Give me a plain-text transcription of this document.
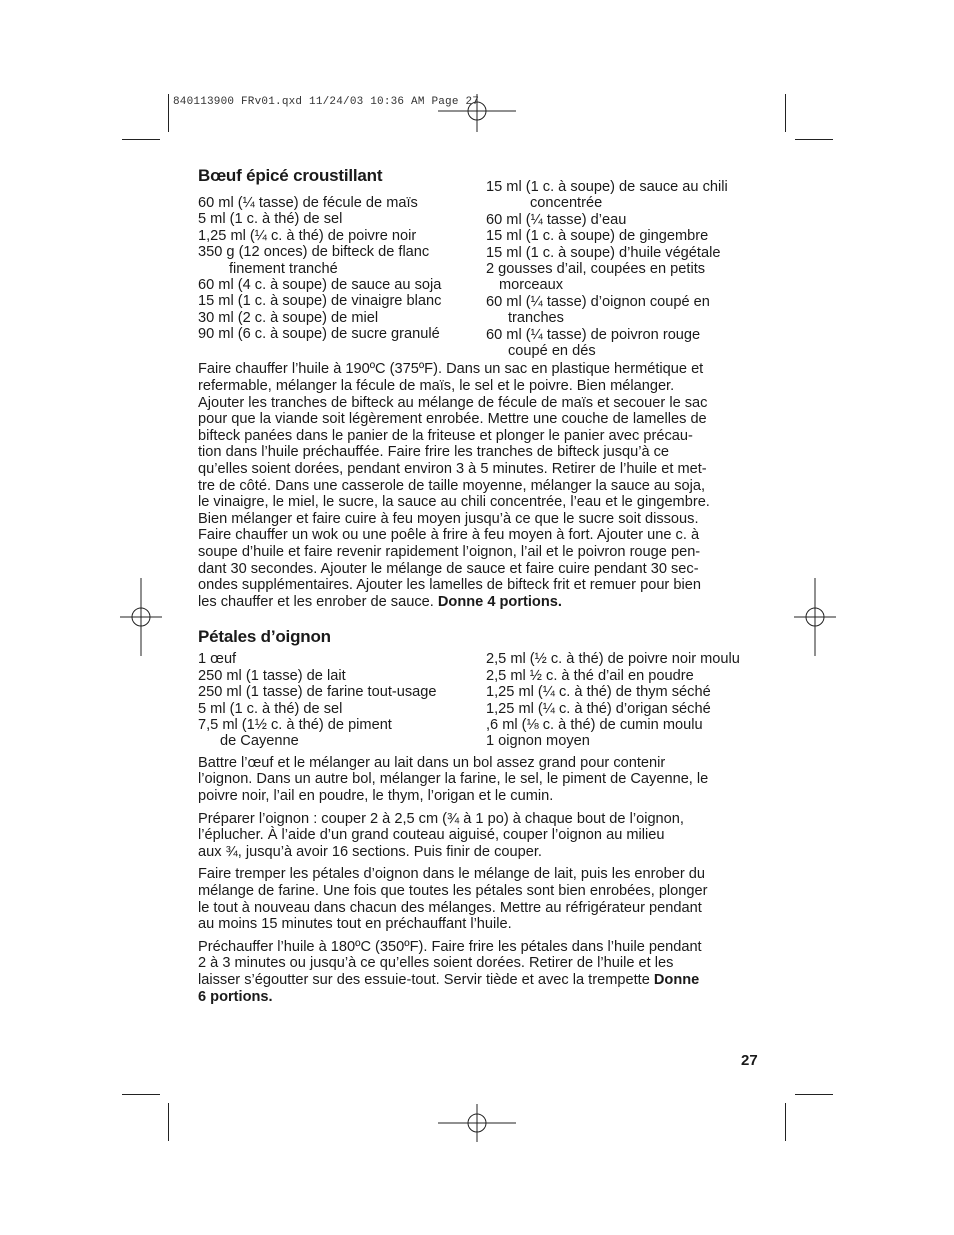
840113900 FRv01.qxd 11/24/03 10:36 AM Page 27
Bœuf épicé croustillant
60 ml (¼ tasse) de fécule de maïs
5 ml (1 c. à thé) de sel
1,25 ml (¼ c. à thé) de poivre noir
350 g (12 onces) de bifteck de flanc
finement tranché
60 ml (4 c. à soupe) de sauce au soja
15 ml (1 c. à soupe) de vinaigre blanc
30 ml (2 c. à soupe) de miel
90 ml (6 c. à soupe) de sucre granulé
15 ml (1 c. à soupe) de sauce au chili
concentrée
60 ml (¼ tasse) d’eau
15 ml (1 c. à soupe) de gingembre
15 ml (1 c. à soupe) d’huile végétale
2 gousses d’ail, coupées en petits
morceaux
60 ml (¼ tasse) d’oignon coupé en
tranches
60 ml (¼ tasse) de poivron rouge
coupé en dés

Faire chauffer l’huile à 190ºC (375ºF). Dans un sac en plastique hermétique et
refermable, mélanger la fécule de maïs, le sel et le poivre. Bien mélanger.
Ajouter les tranches de bifteck au mélange de fécule de maïs et secouer le sac
pour que la viande soit légèrement enrobée. Mettre une couche de lamelles de
bifteck panées dans le panier de la friteuse et plonger le panier avec précau-
tion dans l’huile préchauffée. Faire frire les tranches de bifteck jusqu’à ce
qu’elles soient dorées, pendant environ 3 à 5 minutes. Retirer de l’huile et met-
tre de côté. Dans une casserole de taille moyenne, mélanger la sauce au soja,
le vinaigre, le miel, le sucre, la sauce au chili concentrée, l’eau et le gingembre.
Bien mélanger et faire cuire à feu moyen jusqu’à ce que le sucre soit dissous.
Faire chauffer un wok ou une poêle à frire à feu moyen à fort. Ajouter une c. à
soupe d’huile et faire revenir rapidement l’oignon, l’ail et le poivron rouge pen-
dant 30 secondes. Ajouter le mélange de sauce et faire cuire pendant 30 sec-
ondes supplémentaires. Ajouter les lamelles de bifteck frit et remuer pour bien
les chauffer et les enrober de sauce. Donne 4 portions.

Pétales d’oignon
1 œuf
250 ml (1 tasse) de lait
250 ml (1 tasse) de farine tout-usage
5 ml (1 c. à thé) de sel
7,5 ml (1½ c. à thé) de piment
de Cayenne
2,5 ml (½ c. à thé) de poivre noir moulu
2,5 ml ½ c. à thé d’ail en poudre
1,25 ml (¼ c. à thé) de thym séché
1,25 ml (¼ c. à thé) d’origan séché
,6 ml (⅛ c. à thé) de cumin moulu
1 oignon moyen

Battre l’œuf et le mélanger au lait dans un bol assez grand pour contenir
l’oignon. Dans un autre bol, mélanger la farine, le sel, le piment de Cayenne, le
poivre noir, l’ail en poudre, le thym, l’origan et le cumin.

Préparer l’oignon : couper 2 à 2,5 cm (¾ à 1 po) à chaque bout de l’oignon,
l’éplucher. À l’aide d’un grand couteau aiguisé, couper l’oignon au milieu
aux ¾, jusqu’à avoir 16 sections. Puis finir de couper.

Faire tremper les pétales d’oignon dans le mélange de lait, puis les enrober du
mélange de farine. Une fois que toutes les pétales sont bien enrobées, plonger
le tout à nouveau dans chacun des mélanges. Mettre au réfrigérateur pendant
au moins 15 minutes tout en préchauffant l’huile.

Préchauffer l’huile à 180ºC (350ºF). Faire frire les pétales dans l’huile pendant
2 à 3 minutes ou jusqu’à ce qu’elles soient dorées. Retirer de l’huile et les
laisser s’égoutter sur des essuie-tout. Servir tiède et avec la trempette Donne
6 portions.

27
